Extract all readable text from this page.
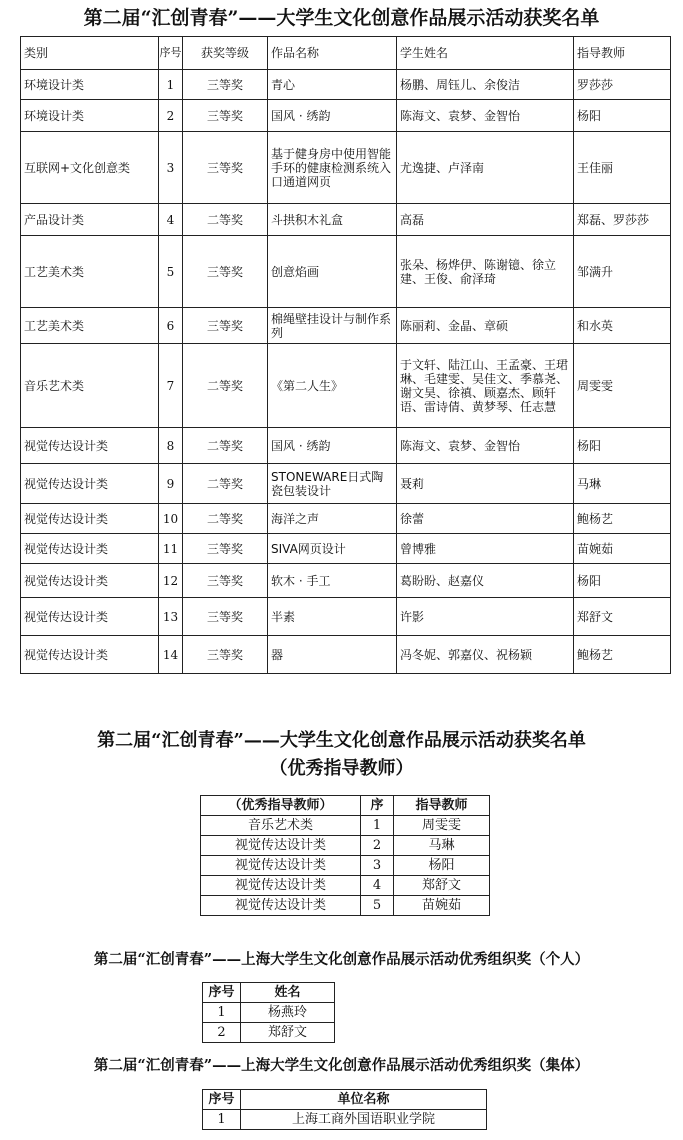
第二届“汇创青春”——大学生文化创意作品展示活动获奖名单
类别	序号	获奖等级	作品名称	学生姓名	指导教师
环境设计类	1	三等奖	青心	杨鹏、周钰儿、余俊洁	罗莎莎
环境设计类	2	三等奖	国风 · 绣韵	陈海文、袁梦、金智怡	杨阳
互联网+文化创意类	3	三等奖	基于健身房中使用智能手环的健康检测系统入口通道网页	尤逸捷、卢泽南	王佳丽
产品设计类	4	二等奖	斗拱积木礼盒	高磊	郑磊、罗莎莎
工艺美术类	5	三等奖	创意焰画	张朵、杨烨伊、陈谢镱、徐立建、王俊、俞泽琦	邹满升
工艺美术类	6	三等奖	棉绳壁挂设计与制作系列	陈丽莉、金晶、章硕	和水英
音乐艺术类	7	二等奖	《第二人生》	于文轩、陆江山、王孟豪、王珺琳、毛建雯、吴佳文、季慕尧、谢文昊、徐禛、顾嘉杰、顾轩语、雷诗倩、黄梦琴、任志慧	周雯雯
视觉传达设计类	8	二等奖	国风 · 绣韵	陈海文、袁梦、金智怡	杨阳
视觉传达设计类	9	二等奖	STONEWARE日式陶瓷包装设计	聂莉	马琳
视觉传达设计类	10	二等奖	海洋之声	徐蕾	鲍杨艺
视觉传达设计类	11	三等奖	SIVA网页设计	曾博雅	苗婉茹
视觉传达设计类	12	三等奖	软木 · 手工	葛盼盼、赵嘉仪	杨阳
视觉传达设计类	13	三等奖	半素	许影	郑舒文
视觉传达设计类	14	三等奖	器	冯冬妮、郭嘉仪、祝杨颖	鲍杨艺
第二届“汇创青春”——大学生文化创意作品展示活动获奖名单
（优秀指导教师）
（优秀指导教师）	序	指导教师
音乐艺术类	1	周雯雯
视觉传达设计类	2	马琳
视觉传达设计类	3	杨阳
视觉传达设计类	4	郑舒文
视觉传达设计类	5	苗婉茹
第二届“汇创青春”——上海大学生文化创意作品展示活动优秀组织奖（个人）
序号	姓名
1	杨燕玲
2	郑舒文
第二届“汇创青春”——上海大学生文化创意作品展示活动优秀组织奖（集体）
序号	单位名称
1	上海工商外国语职业学院
